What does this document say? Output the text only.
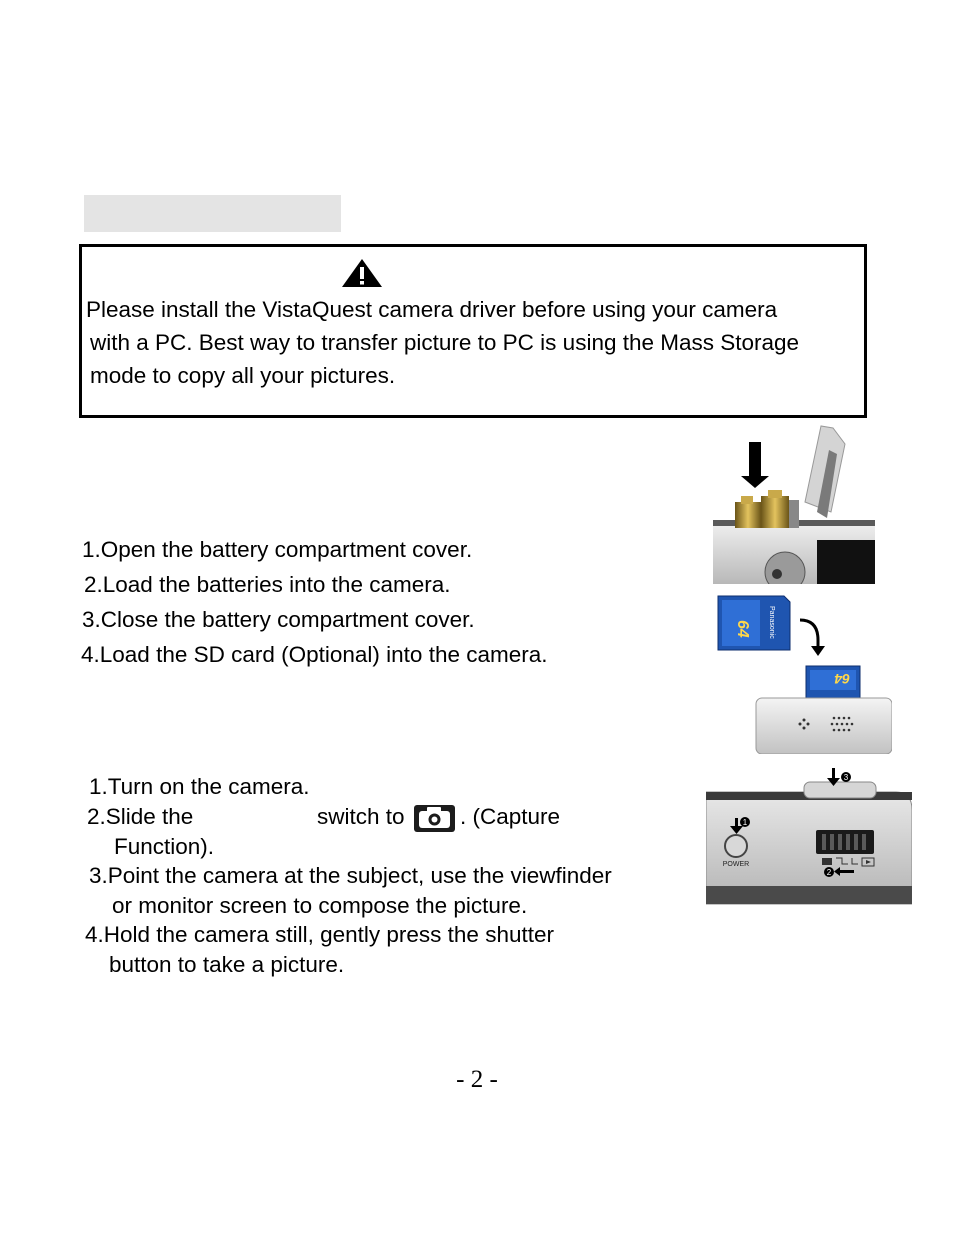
Please install the VistaQuest camera driver before using your camera
with a PC. Best way to transfer picture to PC is using the Mass Storage
mode to copy all your pictures.
1.Open the battery compartment cover.
2.Load the batteries into the camera.
3.Close the battery compartment cover.
4.Load the SD card (Optional) into the camera.
1.Turn on the camera.
2.Slide the	switch to . (Capture
Function).
3.Point the camera at the subject, use the viewfinder
or monitor screen to compose the picture.
4.Hold the camera still, gently press the shutter
button to take a picture.
64 Panasonic
64
3
1
POWER
2
- 2 -
